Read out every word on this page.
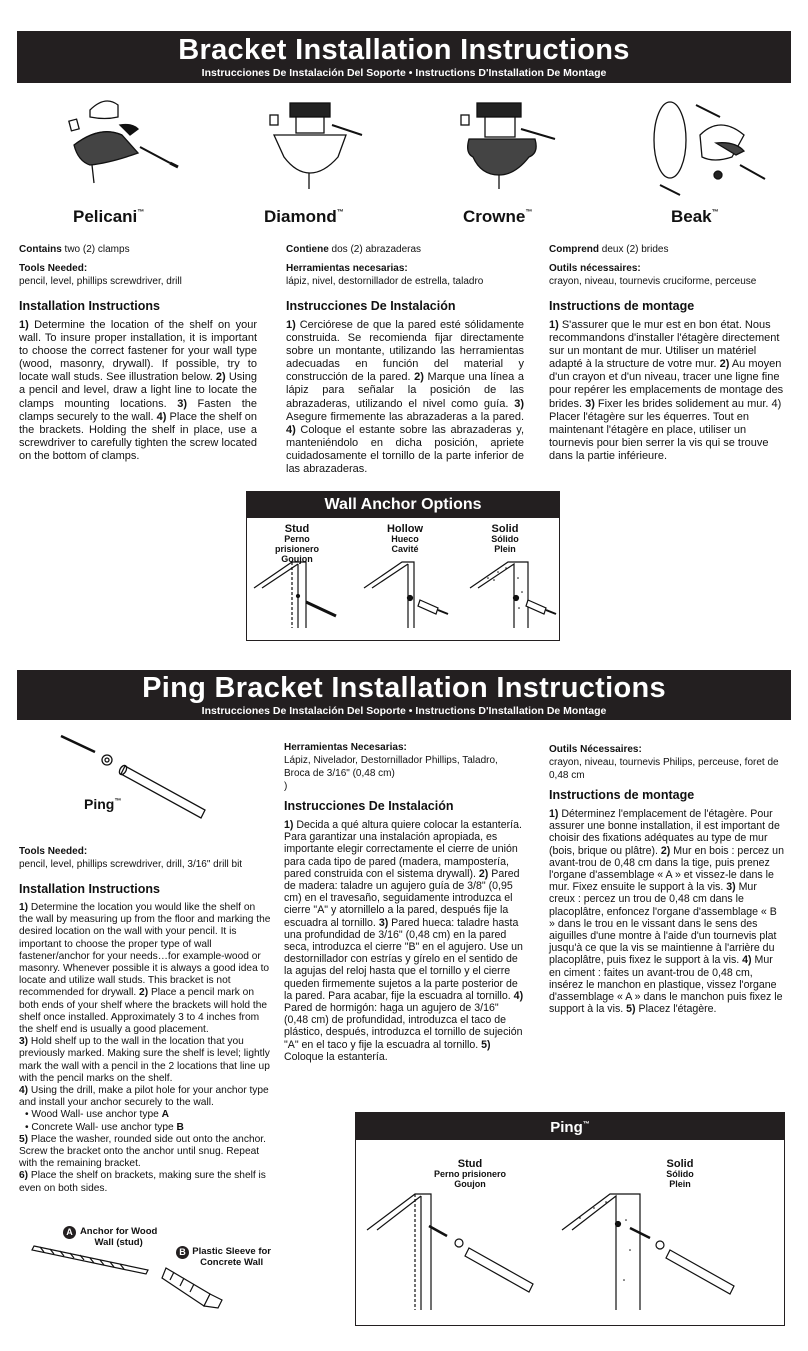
Bracket Installation Instructions
Instrucciones De Instalación Del Soporte • Instructions D'Installation De Montage
Pelicani™	Diamond™	Crowne™	Beak™
Contains two (2) clamps
Tools Needed:
pencil, level, phillips screwdriver, drill
Installation Instructions
1) Determine the location of the shelf on your wall. To insure proper installation, it is important to choose the correct fastener for your wall type (wood, masonry, drywall). If possible, try to locate wall studs. See illustration below. 2) Using a pencil and level, draw a light line to locate the clamps mounting locations. 3) Fasten the clamps securely to the wall. 4) Place the shelf on the brackets. Holding the shelf in place, use a screwdriver to carefully tighten the screw located on the bottom of clamps.
Contiene dos (2) abrazaderas
Herramientas necesarias:
lápiz, nivel, destornillador de estrella, taladro
Instrucciones De Instalación
1) Cerciórese de que la pared esté sólidamente construida. Se recomienda fijar directamente sobre un montante, utilizando las herramientas adecuadas en función del material y construcción de la pared. 2) Marque una línea a lápiz para señalar la posición de las abrazaderas, utilizando el nivel como guía. 3) Asegure firmemente las abrazaderas a la pared. 4) Coloque el estante sobre las abrazaderas y, manteniéndolo en dicha posición, apriete cuidadosamente el tornillo de la parte inferior de las abrazaderas.
Comprend deux (2) brides
Outils nécessaires:
crayon, niveau, tournevis cruciforme, perceuse
Instructions de montage
1) S'assurer que le mur est en bon état. Nous recommandons d'installer l'étagère directement sur un montant de mur. Utiliser un matériel adapté à la structure de votre mur. 2) Au moyen d'un crayon et d'un niveau, tracer une ligne fine pour repérer les emplacements de montage des brides. 3) Fixer les brides solidement au mur. 4) Placer l'étagère sur les équerres. Tout en maintenant l'étagère en place, utiliser un tournevis pour bien serrer la vis qui se trouve dans la partie inférieure.
Wall Anchor Options
Stud
Perno prisionero
Goujon
Hollow
Hueco
Cavité
Solid
Sólido
Plein
Ping Bracket Installation Instructions
Instrucciones De Instalación Del Soporte • Instructions D'Installation De Montage
Ping™
Tools Needed:
pencil, level, phillips screwdriver, drill, 3/16" drill bit
Installation Instructions
1) Determine the location you would like the shelf on the wall by measuring up from the floor and marking the desired location on the wall with your pencil. It is important to choose the proper type of wall fastener/anchor for your needs…for example-wood or masonry. Whenever possible it is always a good idea to locate and utilize wall studs. This bracket is not recommended for drywall. 2) Place a pencil mark on both ends of your shelf where the brackets will hold the shelf once installed. Approximately 3 to 4 inches from the shelf end is usually a good placement.
3) Hold shelf up to the wall in the location that you previously marked. Making sure the shelf is level; lightly mark the wall with a pencil in the 2 locations that line up with the pencil marks on the shelf.
4) Using the drill, make a pilot hole for your anchor type and install your anchor securely to the wall.
• Wood Wall- use anchor type A
• Concrete Wall- use anchor type B
5) Place the washer, rounded side out onto the anchor. Screw the bracket onto the anchor until snug. Repeat with the remaining bracket.
6) Place the shelf on brackets, making sure the shelf is even on both sides.
A Anchor for Wood Wall (stud)
B Plastic Sleeve for Concrete Wall
Herramientas Necesarias:
Lápiz, Nivelador, Destornillador Phillips, Taladro, Broca de 3/16" (0,48 cm)
)
Instrucciones De Instalación
1) Decida a qué altura quiere colocar la estantería. Para garantizar una instalación apropiada, es importante elegir correctamente el cierre de unión para cada tipo de pared (madera, mampostería, pared construida con el sistema drywall). 2) Pared de madera: taladre un agujero guía de 3/8" (0,95 cm) en el travesaño, seguidamente introduzca el cierre "A" y atornillelo a la pared, después fije la escuadra al tornillo. 3) Pared hueca: taladre hasta una profundidad de 3/16" (0,48 cm) en la pared seca, introduzca el cierre "B" en el agujero. Use un destornillador con estrías y gírelo en el sentido de la agujas del reloj hasta que el tornillo y el cierre queden firmemente sujetos a la parte posterior de la pared. Para acabar, fije la escuadra al tornillo. 4) Pared de hormigón: haga un agujero de 3/16" (0,48 cm) de profundidad, introduzca el taco de plástico, después, introduzca el tornillo de sujeción "A" en el taco y fije la escuadra al tornillo. 5) Coloque la estantería.
Outils Nécessaires:
crayon, niveau, tournevis Philips, perceuse, foret de 0,48 cm
Instructions de montage
1) Déterminez l'emplacement de l'étagère. Pour assurer une bonne installation, il est important de choisir des fixations adéquates au type de mur (bois, brique ou plâtre). 2) Mur en bois : percez un avant-trou de 0,48 cm dans la tige, puis prenez l'organe d'assemblage « A » et vissez-le dans le mur. Fixez ensuite le support à la vis. 3) Mur creux : percez un trou de 0,48 cm dans le placoplâtre, enfoncez l'organe d'assemblage « B » dans le trou en le vissant dans le sens des aiguilles d'une montre à l'aide d'un tournevis plat jusqu'à ce que la vis se maintienne à l'arrière du placoplâtre, puis fixez le support à la vis. 4) Mur en ciment : faites un avant-trou de 0,48 cm, insérez le manchon en plastique, vissez l'organe d'assemblage « A » dans le manchon puis fixez le support à la vis. 5) Placez l'étagère.
Ping™
Stud
Perno prisionero
Goujon
Solid
Sólido
Plein
